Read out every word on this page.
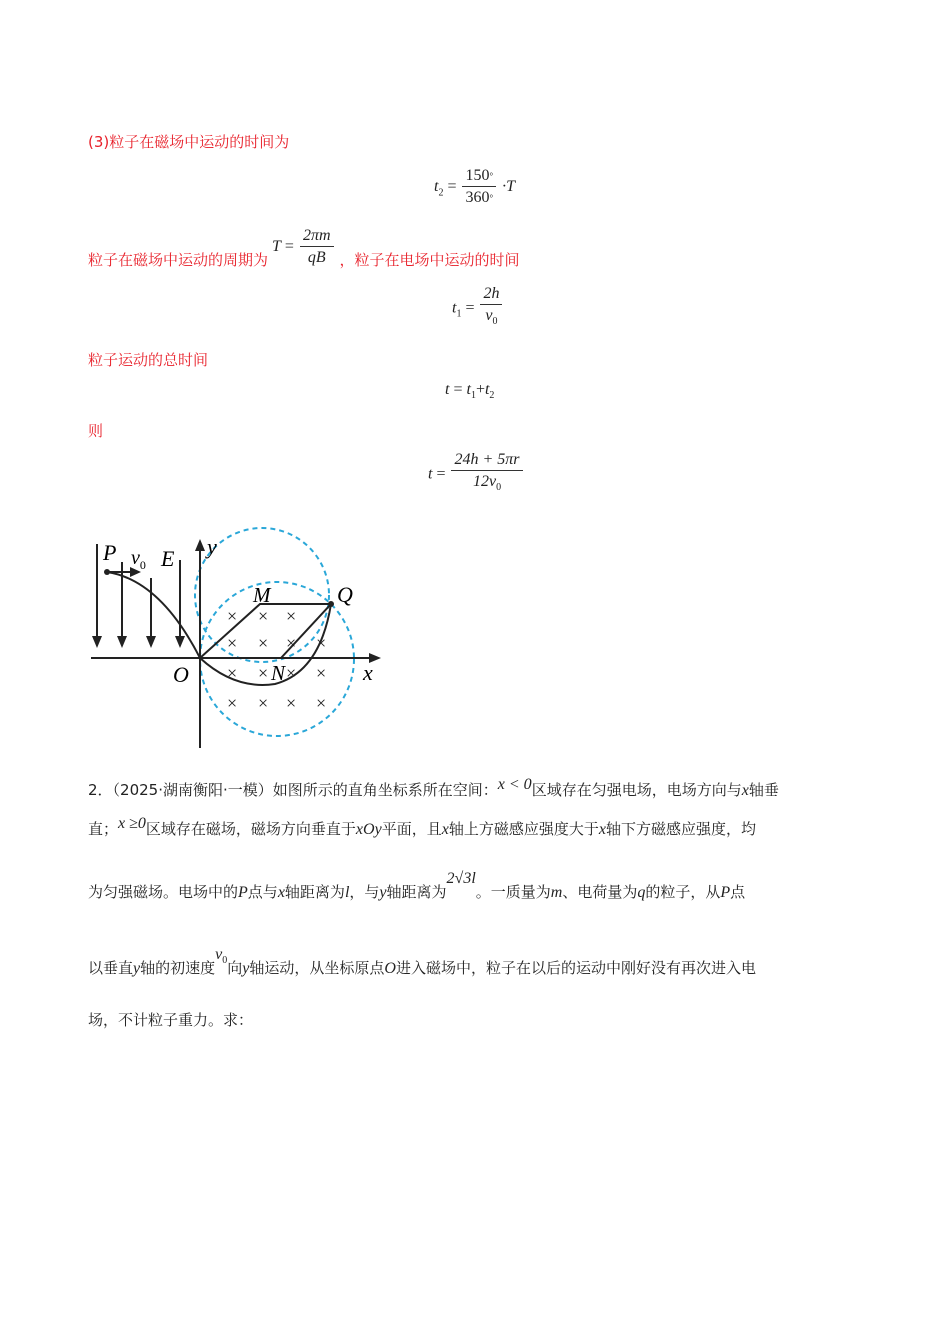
(3)粒子在磁场中运动的时间为
$t_2 = \frac{150^\circ}{360^\circ} \cdot T$
粒子在磁场中运动的周期为 $T = \frac{2\pi m}{qB}$ ，粒子在电场中运动的时间
$t_1 = \frac{2h}{v_0}$
粒子运动的总时间
$t = t_1+t_2$
则
$t = \frac{24h + 5\pi r}{12v_0}$
× × ×
× × × ×
× × × ×
× × × ×
P $v_0$ E y
M	Q
O	N	x
2．（2025·湖南衡阳·一模）如图所示的直角坐标系所在空间：x < 0区域存在匀强电场，电场方向与x轴垂
直；x ≥0区域存在磁场，磁场方向垂直于xOy平面，且x轴上方磁感应强度大于x轴下方磁感应强度，均
为匀强磁场。电场中的P点与x轴距离为l，与y轴距离为2√3l。一质量为m、电荷量为q的粒子，从P点
以垂直y轴的初速度$v_0$向y轴运动，从坐标原点O进入磁场中，粒子在以后的运动中刚好没有再次进入电
场，不计粒子重力。求：
